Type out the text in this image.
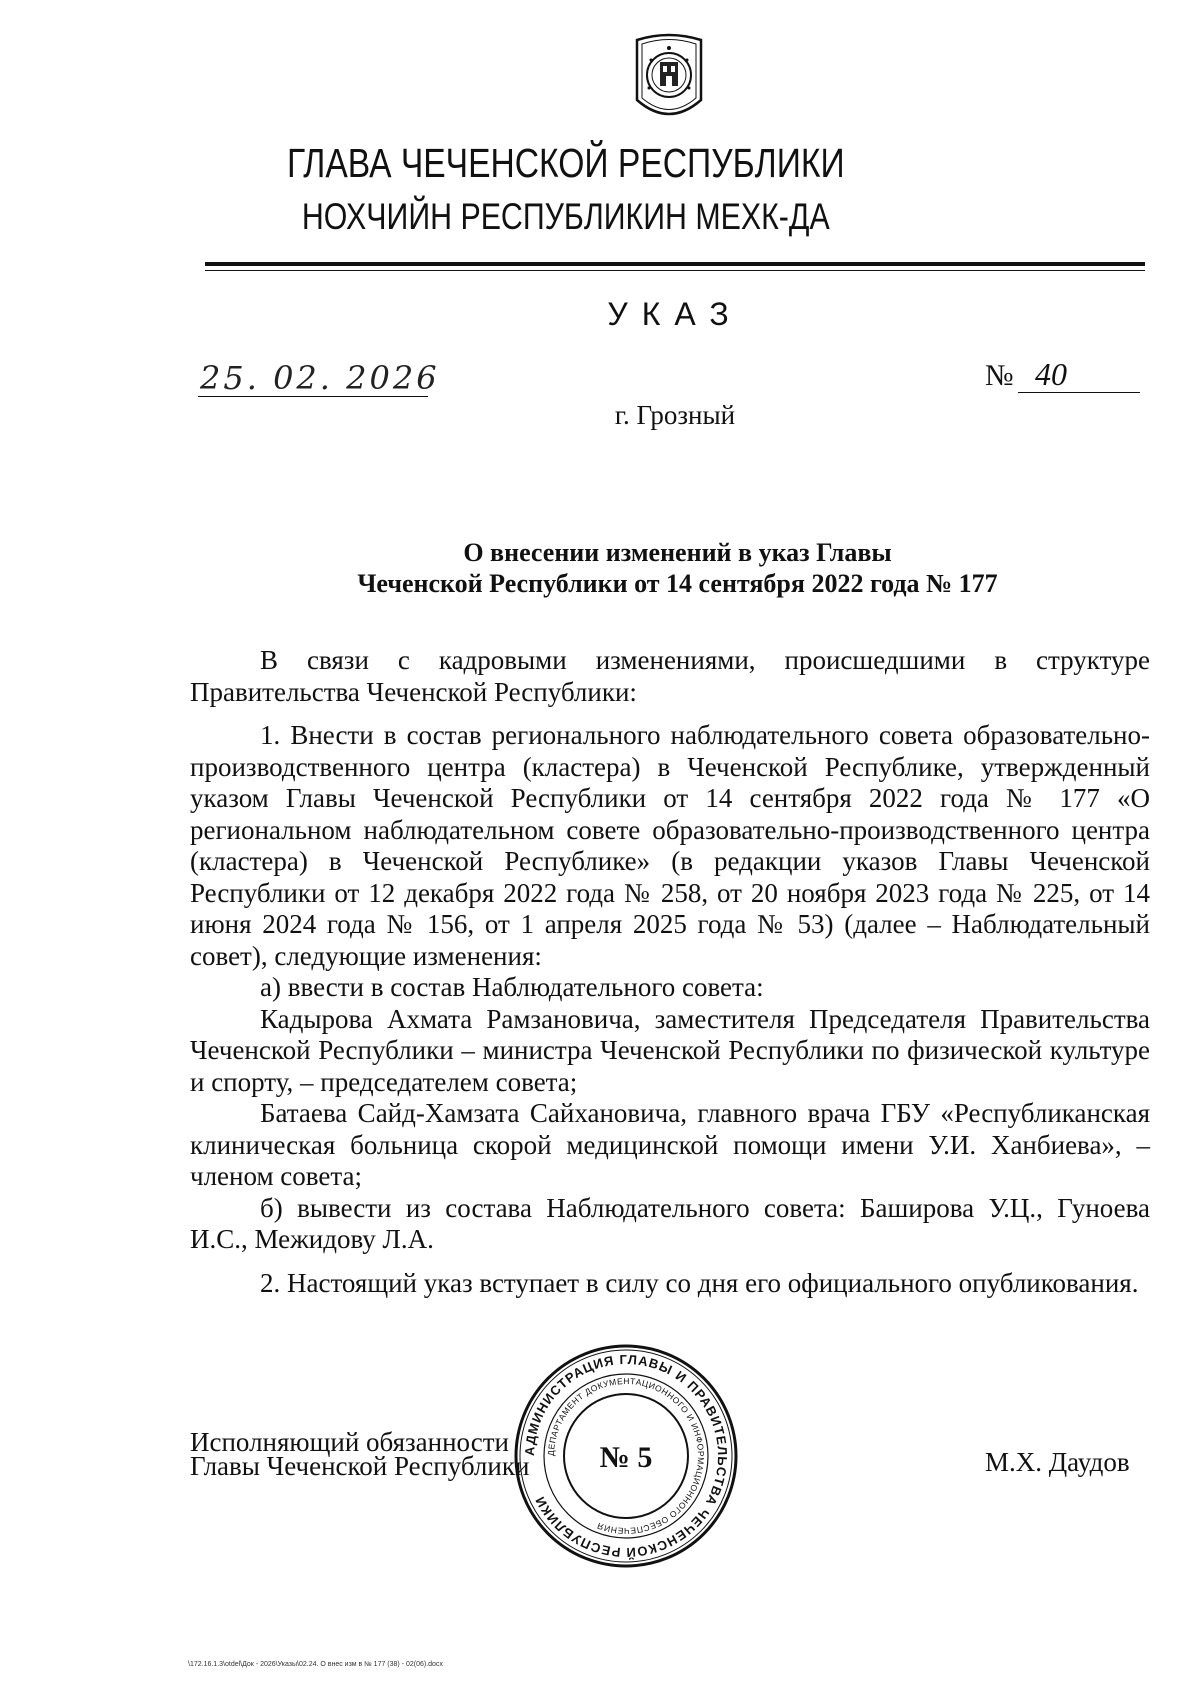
ГЛАВА ЧЕЧЕНСКОЙ РЕСПУБЛИКИ
НОХЧИЙН РЕСПУБЛИКИН МЕХК-ДА
УКАЗ
25. 02. 2026	№ 40
г. Грозный
О внесении изменений в указ Главы
Чеченской Республики от 14 сентября 2022 года № 177

В связи с кадровыми изменениями, происшедшими в структуре Правительства Чеченской Республики:

1. Внести в состав регионального наблюдательного совета образовательно-производственного центра (кластера) в Чеченской Республике, утвержденный указом Главы Чеченской Республики от 14 сентября 2022 года № 177 «О региональном наблюдательном совете образовательно-производственного центра (кластера) в Чеченской Республике» (в редакции указов Главы Чеченской Республики от 12 декабря 2022 года № 258, от 20 ноября 2023 года № 225, от 14 июня 2024 года № 156, от 1 апреля 2025 года № 53) (далее – Наблюдательный совет), следующие изменения:

а) ввести в состав Наблюдательного совета:

Кадырова Ахмата Рамзановича, заместителя Председателя Правительства Чеченской Республики – министра Чеченской Республики по физической культуре и спорту, – председателем совета;

Батаева Сайд-Хамзата Сайхановича, главного врача ГБУ «Республиканская клиническая больница скорой медицинской помощи имени У.И. Ханбиева», – членом совета;

б) вывести из состава Наблюдательного совета: Баширова У.Ц., Гуноева И.С., Межидову Л.А.

2. Настоящий указ вступает в силу со дня его официального опубликования.

Исполняющий обязанности
Главы Чеченской Республики	М.Х. Даудов
АДМИНИСТРАЦИЯ ГЛАВЫ И ПРАВИТЕЛЬСТВА ЧЕЧЕНСКОЙ РЕСПУБЛИКИ
ДЕПАРТАМЕНТ ДОКУМЕНТАЦИОННОГО И ИНФОРМАЦИОННОГО ОБЕСПЕЧЕНИЯ
№ 5
\172.16.1.3\otdel\Док - 2026\Указы\02.24. О внес изм в № 177 (38) - 02(06).docx
